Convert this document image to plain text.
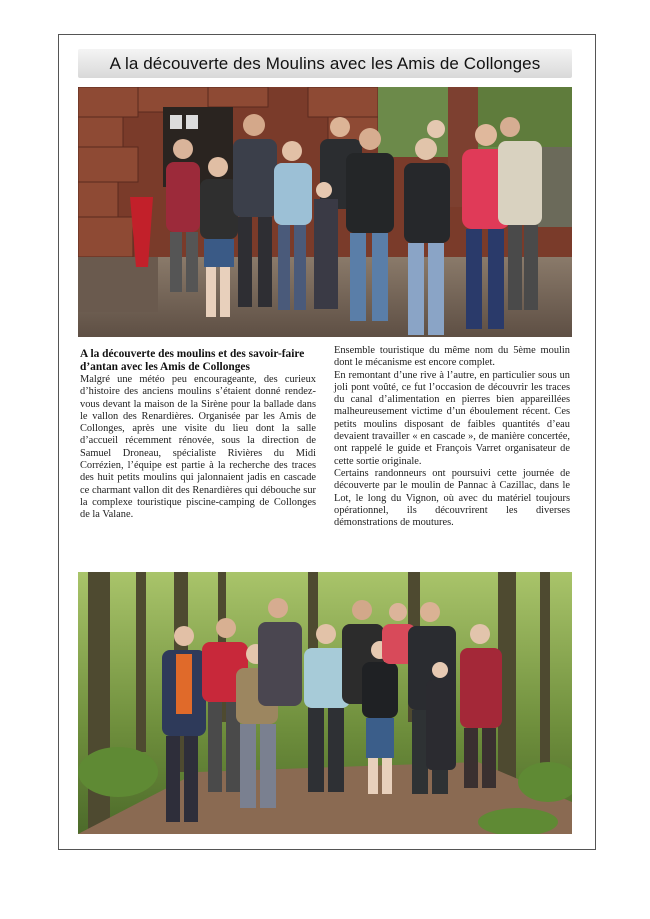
A la découverte des Moulins avec les Amis de Collonges

A la découverte des moulins et des savoir-faire d’antan avec les Amis de Collonges

Malgré une météo peu encourageante, des curieux d’histoire des anciens moulins s’étaient donné rendez-vous devant la maison de la Sirène pour la ballade dans le vallon des Renardières. Organisée par les Amis de Collonges, après une visite du lieu dont la salle d’accueil récemment rénovée, sous la direction de Samuel Droneau, spécialiste Rivières du Midi Corrézien, l’équipe est partie à la recherche des traces des huit petits moulins qui jalonnaient jadis en cascade ce charmant vallon dit des Renardières qui débouche sur la complexe touristique piscine-camping de Collonges de la Valane.

Ensemble touristique du même nom du 5ème moulin dont le mécanisme est encore complet.

En remontant d’une rive à l’autre, en particulier sous un joli pont voûté, ce fut l’occasion de découvrir les traces du canal d’alimentation en pierres bien appareillées malheureusement victime d’un éboulement récent. Ces petits moulins disposant de faibles quantités d’eau devaient travailler « en cascade », de manière concertée, ont rappelé le guide et François Varret organisateur de cette sortie originale.

Certains randonneurs ont poursuivi cette journée de découverte par le moulin de Pannac à Cazillac, dans le Lot, le long du Vignon, où avec du matériel toujours opérationnel, ils découvrirent les diverses démonstrations de moutures.
